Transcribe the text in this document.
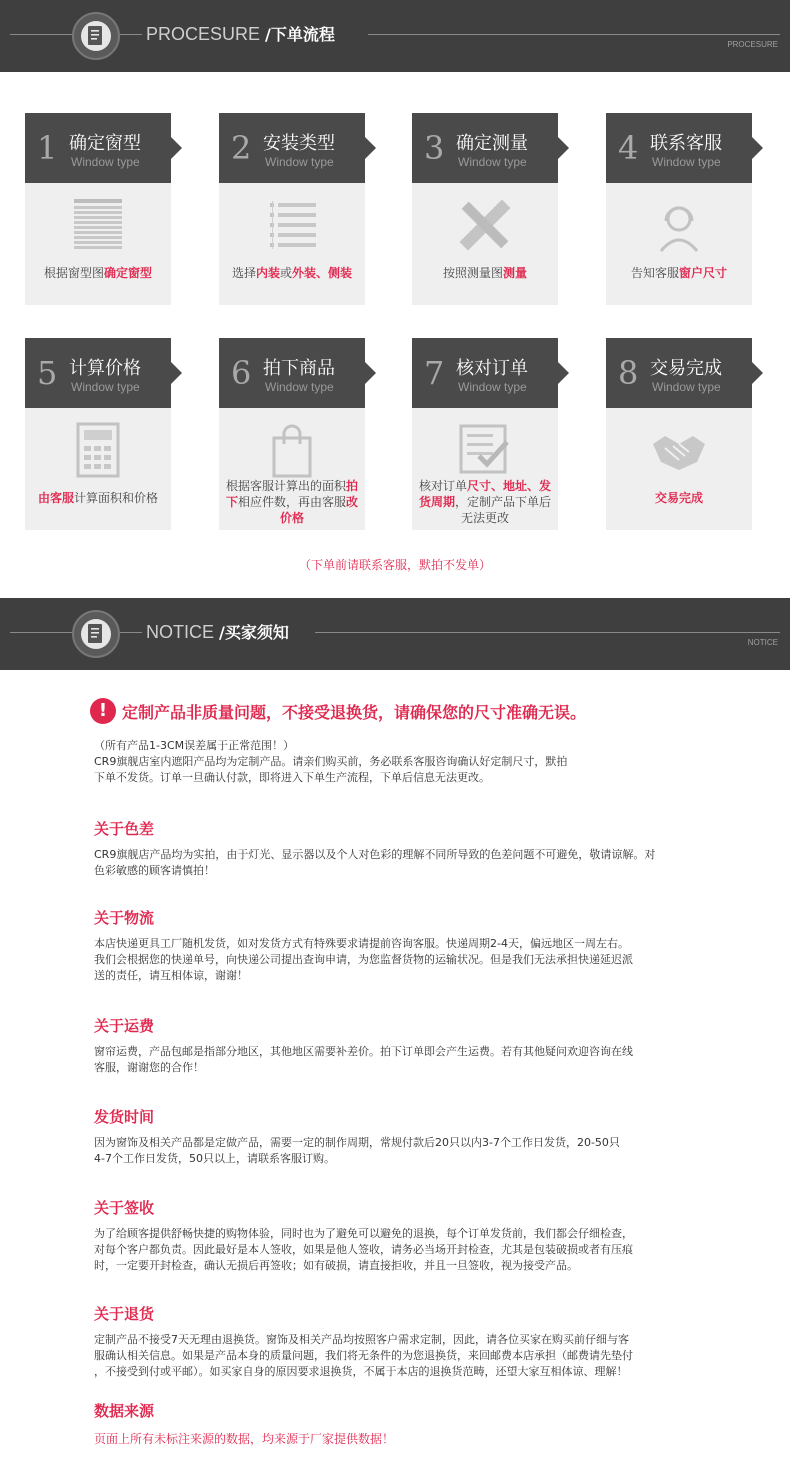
PROCESURE /下单流程
PROCESURE
1 确定窗型
Window type
根据窗型图确定窗型
2 安装类型
Window type
选择内装或外装、侧装
3 确定测量
Window type
按照测量图测量
4 联系客服
Window type
告知客服窗户尺寸
5 计算价格
Window type
由客服计算面积和价格
6 拍下商品
Window type
根据客服计算出的面积拍下相应件数，再由客服改价格
7 核对订单
Window type
核对订单尺寸、地址、发货周期，定制产品下单后无法更改
8 交易完成
Window type
交易完成
（下单前请联系客服，默拍不发单）
NOTICE /买家须知
NOTICE
! 定制产品非质量问题，不接受退换货，请确保您的尺寸准确无误。
（所有产品1-3CM误差属于正常范围！）
CR9旗舰店室内遮阳产品均为定制产品。请亲们购买前，务必联系客服咨询确认好定制尺寸，默拍
下单不发货。订单一旦确认付款，即将进入下单生产流程，下单后信息无法更改。
关于色差
CR9旗舰店产品均为实拍，由于灯光、显示器以及个人对色彩的理解不同所导致的色差问题不可避免，敬请谅解。对
色彩敏感的顾客请慎拍！
关于物流
本店快递更具工厂随机发货，如对发货方式有特殊要求请提前咨询客服。快递周期2-4天，偏远地区一周左右。
我们会根据您的快递单号，向快递公司提出查询申请，为您监督货物的运输状况。但是我们无法承担快递延迟派
送的责任，请互相体谅，谢谢！
关于运费
窗帘运费，产品包邮是指部分地区，其他地区需要补差价。拍下订单即会产生运费。若有其他疑问欢迎咨询在线
客服，谢谢您的合作！
发货时间
因为窗饰及相关产品都是定做产品，需要一定的制作周期，常规付款后20只以内3-7个工作日发货，20-50只
4-7个工作日发货，50只以上，请联系客服订购。
关于签收
为了给顾客提供舒畅快捷的购物体验，同时也为了避免可以避免的退换，每个订单发货前，我们都会仔细检查，
对每个客户都负责。因此最好是本人签收，如果是他人签收，请务必当场开封检查，尤其是包装破损或者有压痕
时，一定要开封检查，确认无损后再签收；如有破损，请直接拒收，并且一旦签收，视为接受产品。
关于退货
定制产品不接受7天无理由退换货。窗饰及相关产品均按照客户需求定制，因此，请各位买家在购买前仔细与客
服确认相关信息。如果是产品本身的质量问题，我们将无条件的为您退换货，来回邮费本店承担（邮费请先垫付
，不接受到付或平邮）。如买家自身的原因要求退换货，不属于本店的退换货范畴，还望大家互相体谅、理解！
数据来源
页面上所有未标注来源的数据，均来源于厂家提供数据！
